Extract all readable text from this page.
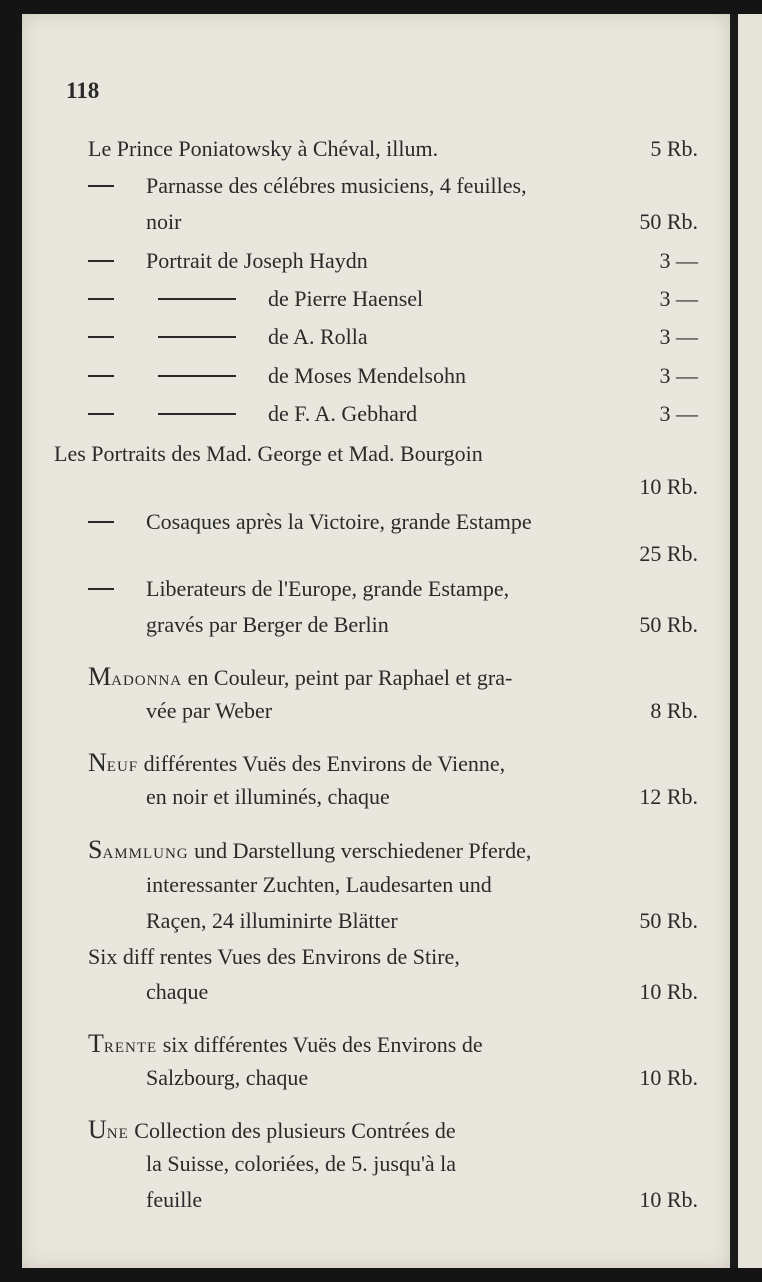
118
Le Prince Poniatowsky à Chéval, illum.	5 Rb.
Parnasse des célébres musiciens, 4 feuilles,
noir	50 Rb.
Portrait de Joseph Haydn	3 —
de Pierre Haensel	3 —
de A. Rolla	3 —
de Moses Mendelsohn	3 —
de F. A. Gebhard	3 —
Les Portraits des Mad. George et Mad. Bourgoin
10 Rb.
Cosaques après la Victoire, grande Estampe
25 Rb.
Liberateurs de l'Europe, grande Estampe,
gravés par Berger de Berlin	50 Rb.
MADONNA en Couleur, peint par Raphael et gra-
vée par Weber	8 Rb.
NEUF différentes Vuës des Environs de Vienne,
en noir et illuminés, chaque	12 Rb.
SAMMLUNG und Darstellung verschiedener Pferde,
interessanter Zuchten, Laudesarten und
Raçen, 24 illuminirte Blätter	50 Rb.
Six diff rentes Vues des Environs de Stire,
chaque	10 Rb.
TRENTE six différentes Vuës des Environs de
Salzbourg, chaque	10 Rb.
UNE Collection des plusieurs Contrées de
la Suisse, coloriées, de 5. jusqu'à la
feuille	10 Rb.
